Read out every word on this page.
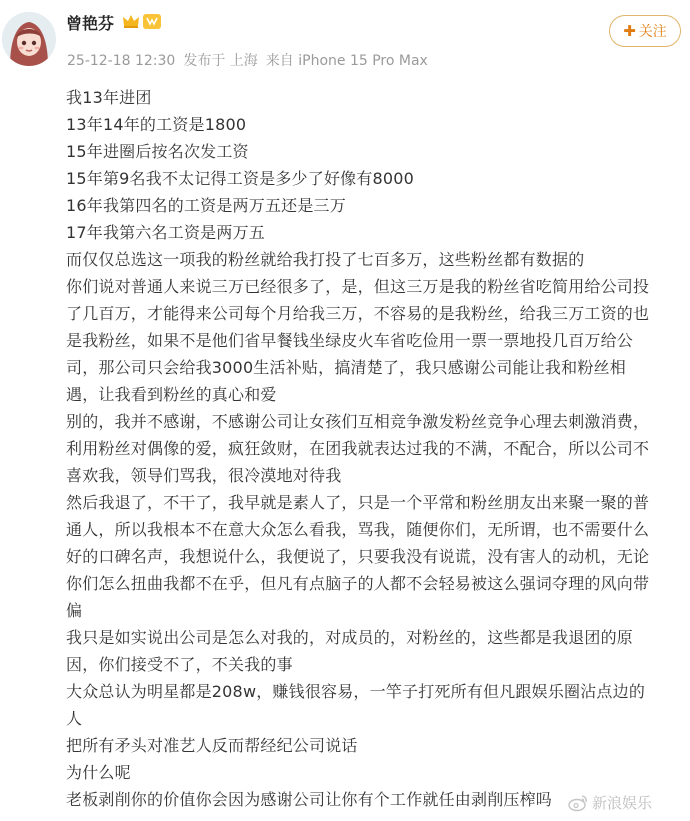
曾艳芬
25-12-18 12:30 发布于 上海 来自 iPhone 15 Pro Max
✚ 关注

我13年进团

13年14年的工资是1800

15年进圈后按名次发工资

15年第9名我不太记得工资是多少了好像有8000

16年我第四名的工资是两万五还是三万

17年我第六名工资是两万五

而仅仅总选这一项我的粉丝就给我打投了七百多万，这些粉丝都有数据的

你们说对普通人来说三万已经很多了，是，但这三万是我的粉丝省吃简用给公司投

了几百万，才能得来公司每个月给我三万，不容易的是我粉丝，给我三万工资的也

是我粉丝，如果不是他们省早餐钱坐绿皮火车省吃俭用一票一票地投几百万给公

司，那公司只会给我3000生活补贴，搞清楚了，我只感谢公司能让我和粉丝相

遇，让我看到粉丝的真心和爱

别的，我并不感谢，不感谢公司让女孩们互相竞争激发粉丝竞争心理去刺激消费，

利用粉丝对偶像的爱，疯狂敛财，在团我就表达过我的不满，不配合，所以公司不

喜欢我，领导们骂我，很冷漠地对待我

然后我退了，不干了，我早就是素人了，只是一个平常和粉丝朋友出来聚一聚的普

通人，所以我根本不在意大众怎么看我，骂我，随便你们，无所谓，也不需要什么

好的口碑名声，我想说什么，我便说了，只要我没有说谎，没有害人的动机，无论

你们怎么扭曲我都不在乎，但凡有点脑子的人都不会轻易被这么强词夺理的风向带

偏

我只是如实说出公司是怎么对我的，对成员的，对粉丝的，这些都是我退团的原

因，你们接受不了，不关我的事

大众总认为明星都是208w，赚钱很容易，一竿子打死所有但凡跟娱乐圈沾点边的

人

把所有矛头对准艺人反而帮经纪公司说话

为什么呢

老板剥削你的价值你会因为感谢公司让你有个工作就任由剥削压榨吗	新浪娱乐
